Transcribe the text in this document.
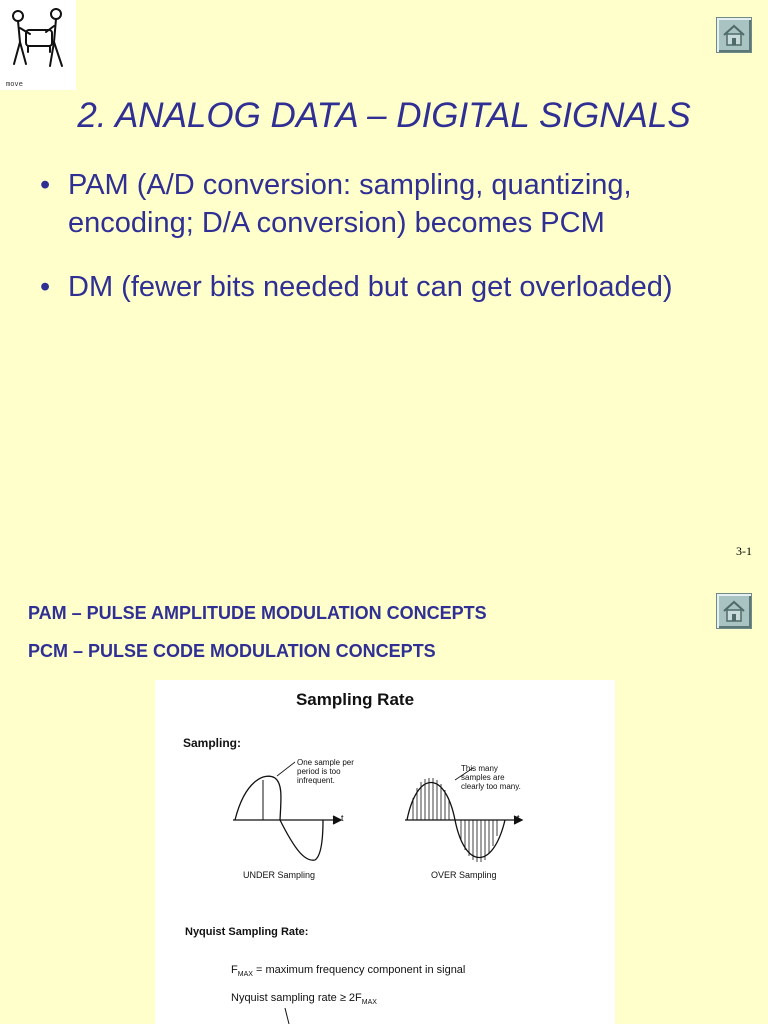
move
2. ANALOG DATA – DIGITAL SIGNALS
• PAM (A/D conversion: sampling, quantizing, encoding; D/A conversion) becomes PCM
• DM (fewer bits needed but can get overloaded)
3-1
PAM – PULSE AMPLITUDE MODULATION CONCEPTS
PCM – PULSE CODE MODULATION CONCEPTS
Sampling Rate
Sampling:
One sample per period is too infrequent.
This many samples are clearly too many.
t	t
UNDER Sampling	OVER Sampling
Nyquist Sampling Rate:
$F_{MAX}$ = maximum frequency component in signal
Nyquist sampling rate ≥ $2F_{MAX}$
